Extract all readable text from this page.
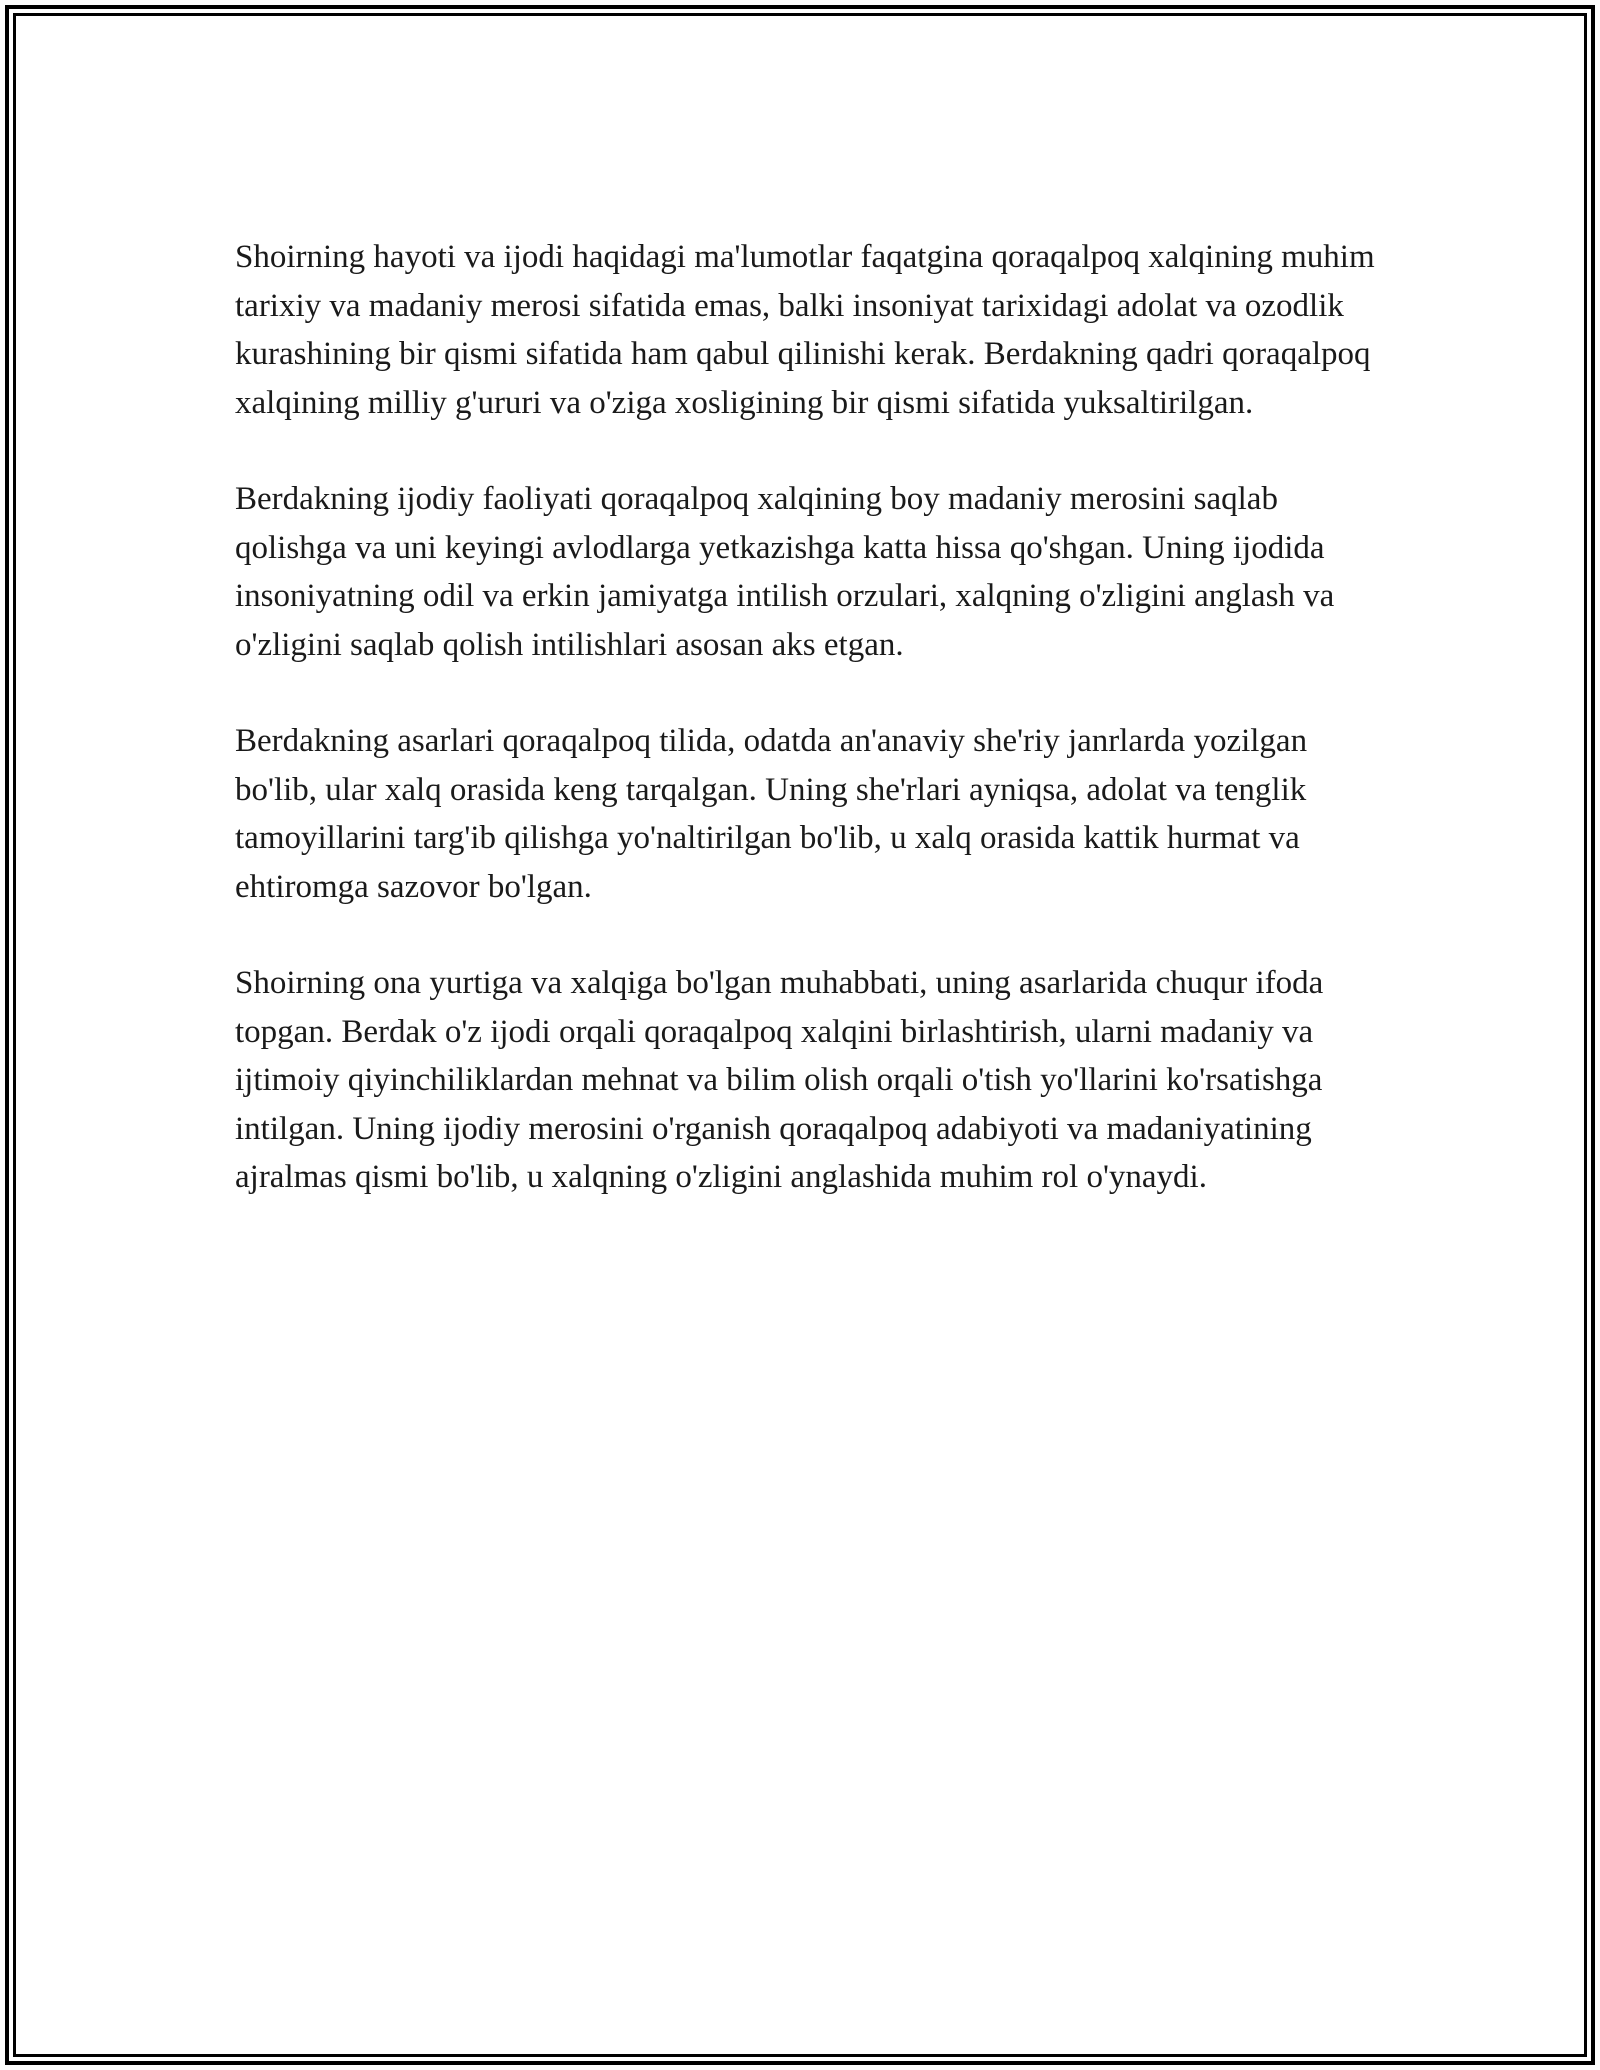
Shoirning hayoti va ijodi haqidagi ma'lumotlar faqatgina qoraqalpoq xalqining muhim tarixiy va madaniy merosi sifatida emas, balki insoniyat tarixidagi adolat va ozodlik kurashining bir qismi sifatida ham qabul qilinishi kerak. Berdakning qadri qoraqalpoq xalqining milliy g'ururi va o'ziga xosligining bir qismi sifatida yuksaltirilgan.

Berdakning ijodiy faoliyati qoraqalpoq xalqining boy madaniy merosini saqlab qolishga va uni keyingi avlodlarga yetkazishga katta hissa qo'shgan. Uning ijodida insoniyatning odil va erkin jamiyatga intilish orzulari, xalqning o'zligini anglash va o'zligini saqlab qolish intilishlari asosan aks etgan.

Berdakning asarlari qoraqalpoq tilida, odatda an'anaviy she'riy janrlarda yozilgan bo'lib, ular xalq orasida keng tarqalgan. Uning she'rlari ayniqsa, adolat va tenglik tamoyillarini targ'ib qilishga yo'naltirilgan bo'lib, u xalq orasida kattik hurmat va ehtiromga sazovor bo'lgan.

Shoirning ona yurtiga va xalqiga bo'lgan muhabbati, uning asarlarida chuqur ifoda topgan. Berdak o'z ijodi orqali qoraqalpoq xalqini birlashtirish, ularni madaniy va ijtimoiy qiyinchiliklardan mehnat va bilim olish orqali o'tish yo'llarini ko'rsatishga intilgan. Uning ijodiy merosini o'rganish qoraqalpoq adabiyoti va madaniyatining ajralmas qismi bo'lib, u xalqning o'zligini anglashida muhim rol o'ynaydi.
